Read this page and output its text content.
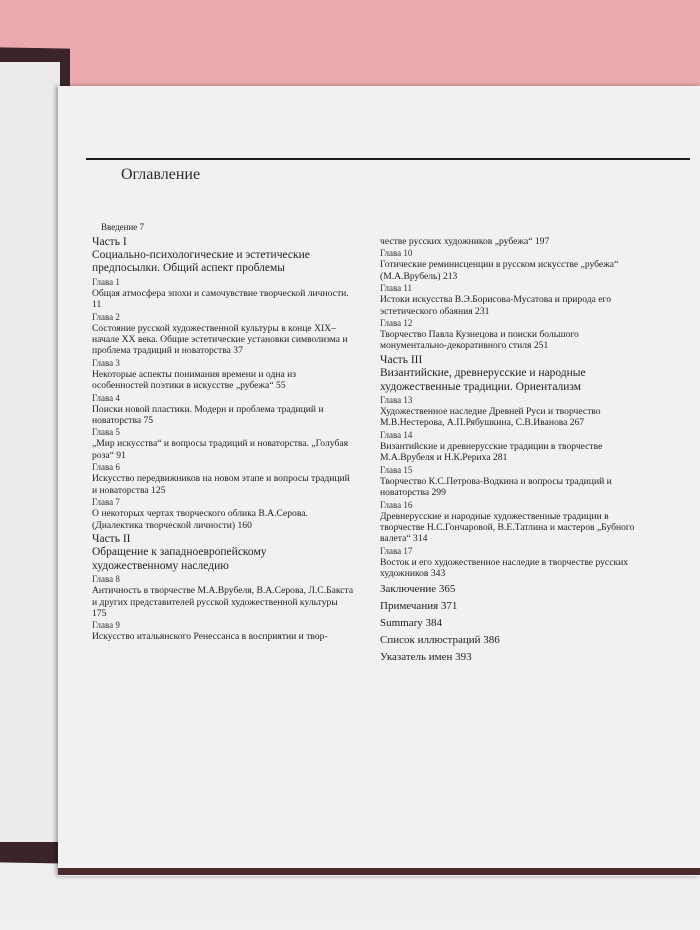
Оглавление
Введение 7
Часть I
Социально-психологические и эстетические предпосылки. Общий аспект проблемы
Глава 1
Общая атмосфера эпохи и самочувствие творческой личности. 11
Глава 2
Состояние русской художественной культуры в конце XIX–начале XX века. Общие эстетические установки символизма и проблема традиций и новаторства 37
Глава 3
Некоторые аспекты понимания времени и одна из особенностей поэтики в искусстве „рубежа“ 55
Глава 4
Поиски новой пластики. Модерн и проблема традиций и новаторства 75
Глава 5
„Мир искусства“ и вопросы традиций и новаторства. „Голубая роза“ 91
Глава 6
Искусство передвижников на новом этапе и вопросы традиций и новаторства 125
Глава 7
О некоторых чертах творческого облика В.А.Серова. (Диалектика творческой личности) 160
Часть II
Обращение к западноевропейскому художественному наследию
Глава 8
Античность в творчестве М.А.Врубеля, В.А.Серова, Л.С.Бакста и других представителей русской художественной культуры 175
Глава 9
Искусство итальянского Ренессанса в восприятии и твор-
честве русских художников „рубежа“ 197
Глава 10
Готические реминисценции в русском искусстве „рубежа“ (М.А.Врубель) 213
Глава 11
Истоки искусства В.Э.Борисова-Мусатова и природа его эстетического обаяния 231
Глава 12
Творчество Павла Кузнецова и поиски большого монументально-декоративного стиля 251
Часть III
Византийские, древнерусские и народные художественные традиции. Ориентализм
Глава 13
Художественное наследие Древней Руси и творчество М.В.Нестерова, А.П.Рябушкина, С.В.Иванова 267
Глава 14
Византийские и древнерусские традиции в творчестве М.А.Врубеля и Н.К.Рериха 281
Глава 15
Творчество К.С.Петрова-Водкина и вопросы традиций и новаторства 299
Глава 16
Древнерусские и народные художественные традиции в творчестве Н.С.Гончаровой, В.Е.Татлина и мастеров „Бубного валета“ 314
Глава 17
Восток и его художественное наследие в творчестве русских художников 343
Заключение 365
Примечания 371
Summary 384
Список иллюстраций 386
Указатель имен 393
